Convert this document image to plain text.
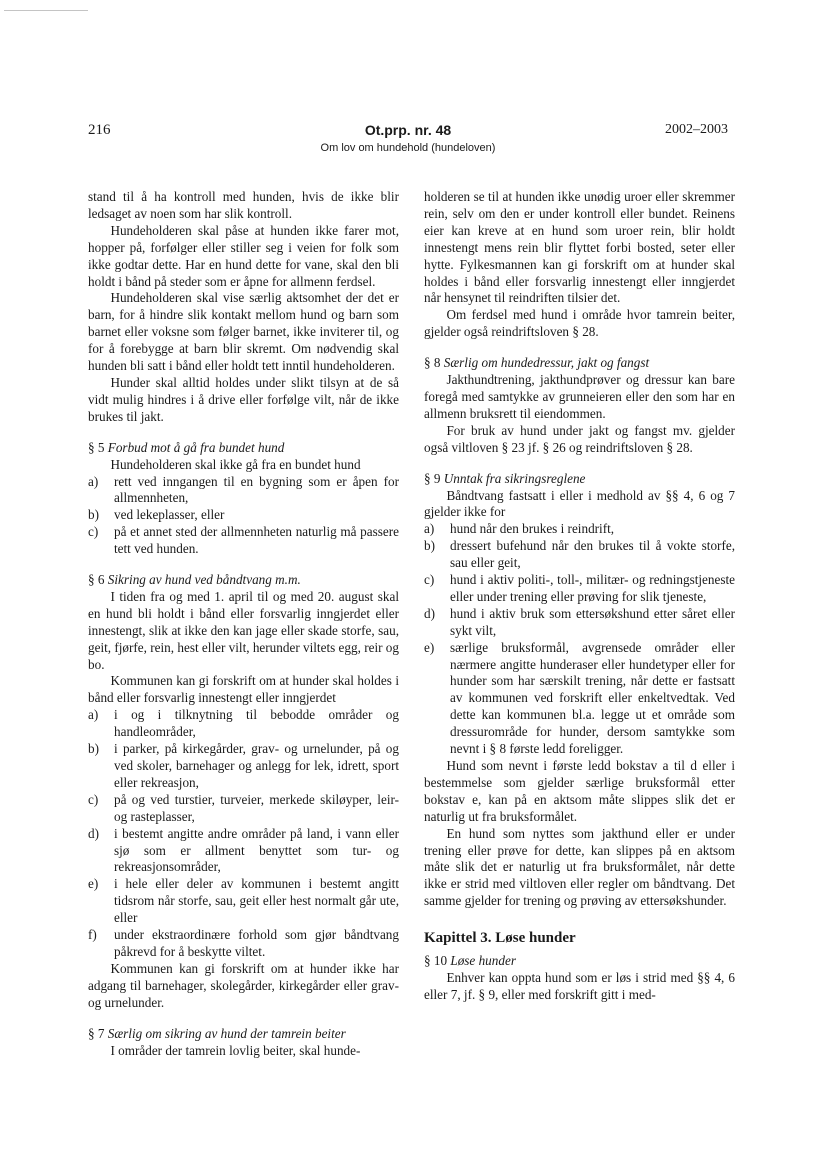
..........................................
216	Ot.prp. nr. 48
Om lov om hundehold (hundeloven)
2002–2003

stand til å ha kontroll med hunden, hvis de ikke blir ledsaget av noen som har slik kontroll.

Hundeholderen skal påse at hunden ikke farer mot, hopper på, forfølger eller stiller seg i veien for folk som ikke godtar dette. Har en hund dette for vane, skal den bli holdt i bånd på steder som er åpne for allmenn ferdsel.

Hundeholderen skal vise særlig aktsomhet der det er barn, for å hindre slik kontakt mellom hund og barn som barnet eller voksne som følger barnet, ikke inviterer til, og for å forebygge at barn blir skremt. Om nødvendig skal hunden bli satt i bånd eller holdt tett inntil hundeholderen.

Hunder skal alltid holdes under slikt tilsyn at de så vidt mulig hindres i å drive eller forfølge vilt, når de ikke brukes til jakt.

§ 5 Forbud mot å gå fra bundet hund

Hundeholderen skal ikke gå fra en bundet hund

a)	rett ved inngangen til en bygning som er åpen for allmennheten,
b)	ved lekeplasser, eller
c)	på et annet sted der allmennheten naturlig må passere tett ved hunden.

§ 6 Sikring av hund ved båndtvang m.m.

I tiden fra og med 1. april til og med 20. august skal en hund bli holdt i bånd eller forsvarlig inngjerdet eller innestengt, slik at ikke den kan jage eller skade storfe, sau, geit, fjørfe, rein, hest eller vilt, herunder viltets egg, reir og bo.

Kommunen kan gi forskrift om at hunder skal holdes i bånd eller forsvarlig innestengt eller inngjerdet

a)	i og i tilknytning til bebodde områder og handleområder,
b)	i parker, på kirkegårder, grav- og urnelunder, på og ved skoler, barnehager og anlegg for lek, idrett, sport eller rekreasjon,
c)	på og ved turstier, turveier, merkede skiløyper, leir- og rasteplasser,
d)	i bestemt angitte andre områder på land, i vann eller sjø som er allment benyttet som tur- og rekreasjonsområder,
e)	i hele eller deler av kommunen i bestemt angitt tidsrom når storfe, sau, geit eller hest normalt går ute, eller
f)	under ekstraordinære forhold som gjør båndtvang påkrevd for å beskytte viltet.

Kommunen kan gi forskrift om at hunder ikke har adgang til barnehager, skolegårder, kirkegårder eller grav- og urnelunder.

§ 7 Særlig om sikring av hund der tamrein beiter

I områder der tamrein lovlig beiter, skal hunde-

holderen se til at hunden ikke unødig uroer eller skremmer rein, selv om den er under kontroll eller bundet. Reinens eier kan kreve at en hund som uroer rein, blir holdt innestengt mens rein blir flyttet forbi bosted, seter eller hytte. Fylkesmannen kan gi forskrift om at hunder skal holdes i bånd eller forsvarlig innestengt eller inngjerdet når hensynet til reindriften tilsier det.

Om ferdsel med hund i område hvor tamrein beiter, gjelder også reindriftsloven § 28.

§ 8 Særlig om hundedressur, jakt og fangst

Jakthundtrening, jakthundprøver og dressur kan bare foregå med samtykke av grunneieren eller den som har en allmenn bruksrett til eiendommen.

For bruk av hund under jakt og fangst mv. gjelder også viltloven § 23 jf. § 26 og reindriftsloven § 28.

§ 9 Unntak fra sikringsreglene

Båndtvang fastsatt i eller i medhold av §§ 4, 6 og 7 gjelder ikke for

a)	hund når den brukes i reindrift,
b)	dressert bufehund når den brukes til å vokte storfe, sau eller geit,
c)	hund i aktiv politi-, toll-, militær- og redningstjeneste eller under trening eller prøving for slik tjeneste,
d)	hund i aktiv bruk som ettersøkshund etter såret eller sykt vilt,
e)	særlige bruksformål, avgrensede områder eller nærmere angitte hunderaser eller hundetyper eller for hunder som har særskilt trening, når dette er fastsatt av kommunen ved forskrift eller enkeltvedtak. Ved dette kan kommunen bl.a. legge ut et område som dressurområde for hunder, dersom samtykke som nevnt i § 8 første ledd foreligger.

Hund som nevnt i første ledd bokstav a til d eller i bestemmelse som gjelder særlige bruksformål etter bokstav e, kan på en aktsom måte slippes slik det er naturlig ut fra bruksformålet.

En hund som nyttes som jakthund eller er under trening eller prøve for dette, kan slippes på en aktsom måte slik det er naturlig ut fra bruksformålet, når dette ikke er strid med viltloven eller regler om båndtvang. Det samme gjelder for trening og prøving av ettersøkshunder.

Kapittel 3. Løse hunder

§ 10 Løse hunder

Enhver kan oppta hund som er løs i strid med §§ 4, 6 eller 7, jf. § 9, eller med forskrift gitt i med-
